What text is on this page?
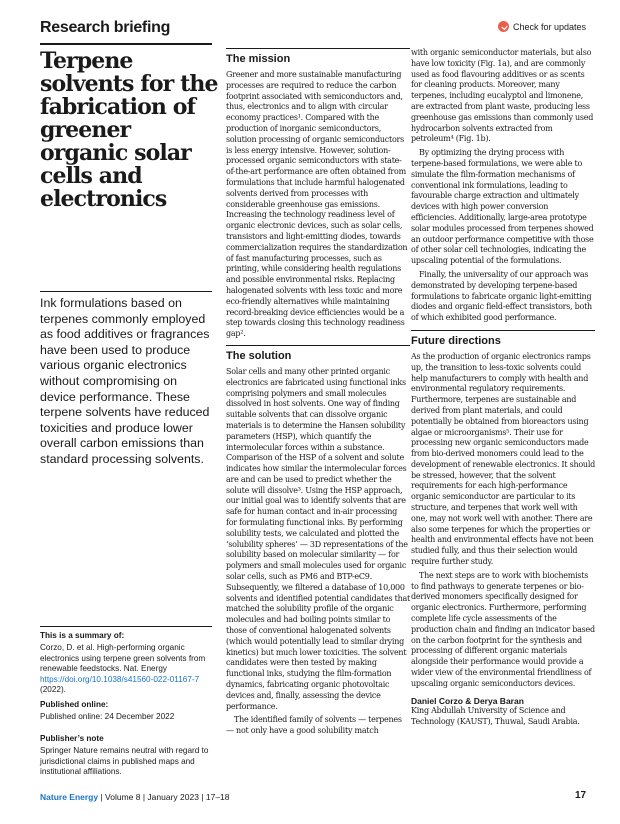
Research briefing	Check for updates
Terpene solvents for the fabrication of greener organic solar cells and electronics

Ink formulations based on terpenes commonly employed as food additives or fragrances have been used to produce various organic electronics without compromising on device performance. These terpene solvents have reduced toxicities and produce lower overall carbon emissions than standard processing solvents.

This is a summary of:

Corzo, D. et al. High-performing organic electronics using terpene green solvents from renewable feedstocks. Nat. Energy https://doi.org/10.1038/s41560-022-01167-7 (2022).

Published online:

Published online: 24 December 2022

Publisher’s note

Springer Nature remains neutral with regard to jurisdictional claims in published maps and institutional affiliations.

The mission

Greener and more sustainable manufacturing processes are required to reduce the carbon footprint associated with semiconductors and, thus, electronics and to align with circular economy practices¹. Compared with the production of inorganic semiconductors, solution processing of organic semiconductors is less energy intensive. However, solution-processed organic semiconductors with state-of-the-art performance are often obtained from formulations that include harmful halogenated solvents derived from processes with considerable greenhouse gas emissions. Increasing the technology readiness level of organic electronic devices, such as solar cells, transistors and light-emitting diodes, towards commercialization requires the standardization of fast manufacturing processes, such as printing, while considering health regulations and possible environmental risks. Replacing halogenated solvents with less toxic and more eco-friendly alternatives while maintaining record-breaking device efficiencies would be a step towards closing this technology readiness gap².

The solution

Solar cells and many other printed organic electronics are fabricated using functional inks comprising polymers and small molecules dissolved in host solvents. One way of finding suitable solvents that can dissolve organic materials is to determine the Hansen solubility parameters (HSP), which quantify the intermolecular forces within a substance. Comparison of the HSP of a solvent and solute indicates how similar the intermolecular forces are and can be used to predict whether the solute will dissolve³. Using the HSP approach, our initial goal was to identify solvents that are safe for human contact and in-air processing for formulating functional inks. By performing solubility tests, we calculated and plotted the ‘solubility spheres’ — 3D representations of the solubility based on molecular similarity — for polymers and small molecules used for organic solar cells, such as PM6 and BTP-eC9. Subsequently, we filtered a database of 10,000 solvents and identified potential candidates that matched the solubility profile of the organic molecules and had boiling points similar to those of conventional halogenated solvents (which would potentially lead to similar drying kinetics) but much lower toxicities. The solvent candidates were then tested by making functional inks, studying the film-formation dynamics, fabricating organic photovoltaic devices and, finally, assessing the device performance.

The identified family of solvents — terpenes — not only have a good solubility match

with organic semiconductor materials, but also have low toxicity (Fig. 1a), and are commonly used as food flavouring additives or as scents for cleaning products. Moreover, many terpenes, including eucalyptol and limonene, are extracted from plant waste, producing less greenhouse gas emissions than commonly used hydrocarbon solvents extracted from petroleum⁴ (Fig. 1b).

By optimizing the drying process with terpene-based formulations, we were able to simulate the film-formation mechanisms of conventional ink formulations, leading to favourable charge extraction and ultimately devices with high power conversion efficiencies. Additionally, large-area prototype solar modules processed from terpenes showed an outdoor performance competitive with those of other solar cell technologies, indicating the upscaling potential of the formulations.

Finally, the universality of our approach was demonstrated by developing terpene-based formulations to fabricate organic light-emitting diodes and organic field-effect transistors, both of which exhibited good performance.

Future directions

As the production of organic electronics ramps up, the transition to less-toxic solvents could help manufacturers to comply with health and environmental regulatory requirements. Furthermore, terpenes are sustainable and derived from plant materials, and could potentially be obtained from bioreactors using algae or microorganisms⁵. Their use for processing new organic semiconductors made from bio-derived monomers could lead to the development of renewable electronics. It should be stressed, however, that the solvent requirements for each high-performance organic semiconductor are particular to its structure, and terpenes that work well with one, may not work well with another. There are also some terpenes for which the properties or health and environmental effects have not been studied fully, and thus their selection would require further study.

The next steps are to work with biochemists to find pathways to generate terpenes or bio-derived monomers specifically designed for organic electronics. Furthermore, performing complete life cycle assessments of the production chain and finding an indicator based on the carbon footprint for the synthesis and processing of different organic materials alongside their performance would provide a wider view of the environmental friendliness of upscaling organic semiconductors devices.

Daniel Corzo & Derya Baran

King Abdullah University of Science and Technology (KAUST), Thuwal, Saudi Arabia.

Nature Energy | Volume 8 | January 2023 | 17–18	17
